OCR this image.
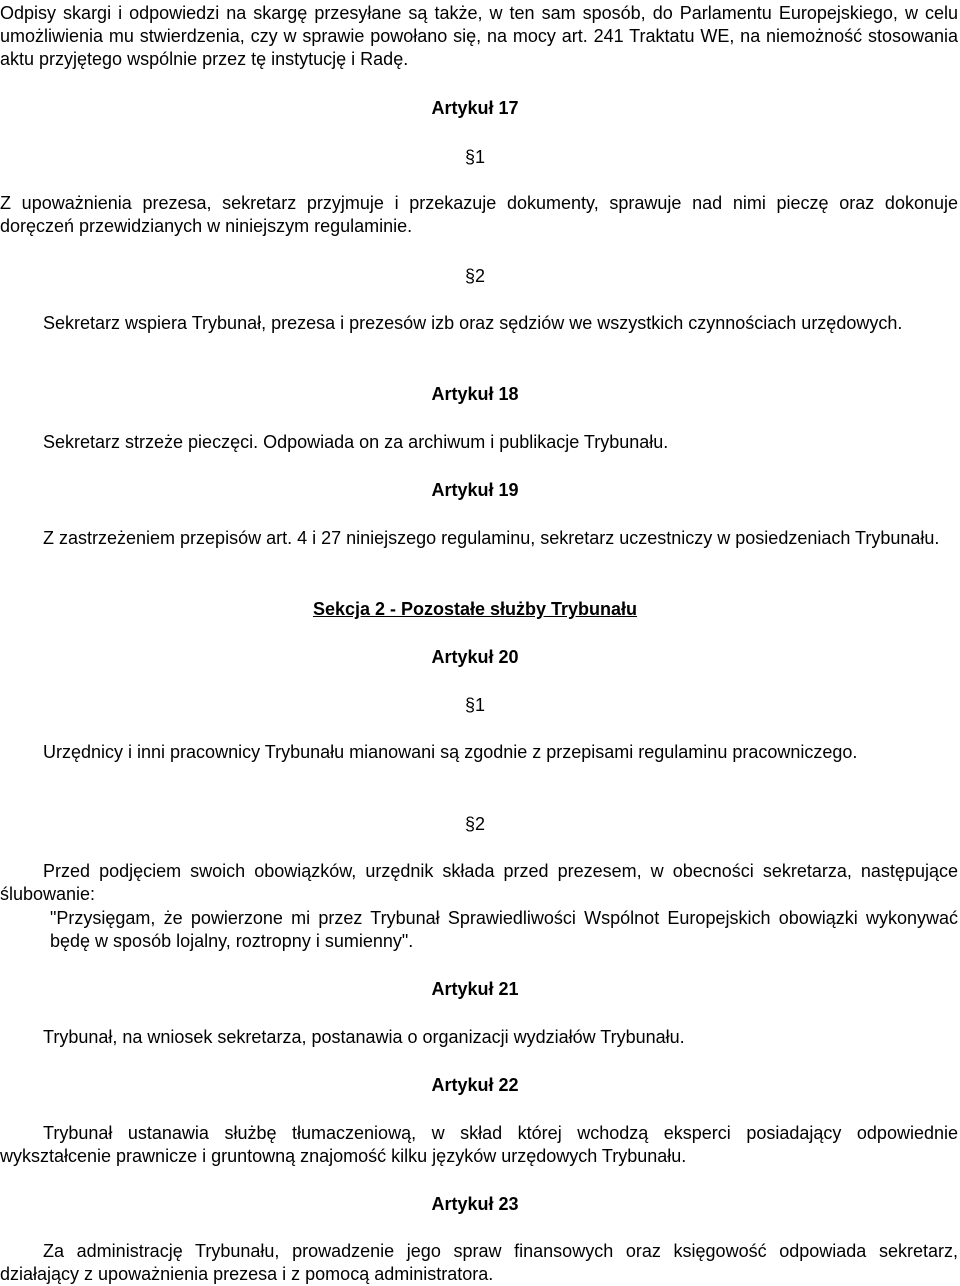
Odpisy skargi i odpowiedzi na skargę przesyłane są także, w ten sam sposób, do Parlamentu Europejskiego, w celu umożliwienia mu stwierdzenia, czy w sprawie powołano się, na mocy art. 241 Traktatu WE, na niemożność stosowania aktu przyjętego wspólnie przez tę instytucję i Radę.

Artykuł 17
§1

Z upoważnienia prezesa, sekretarz przyjmuje i przekazuje dokumenty, sprawuje nad nimi pieczę oraz dokonuje doręczeń przewidzianych w niniejszym regulaminie.

§2

Sekretarz wspiera Trybunał, prezesa i prezesów izb oraz sędziów we wszystkich czynnościach urzędowych.

Artykuł 18

Sekretarz strzeże pieczęci. Odpowiada on za archiwum i publikacje Trybunału.

Artykuł 19

Z zastrzeżeniem przepisów art. 4 i 27 niniejszego regulaminu, sekretarz uczestniczy w posiedzeniach Trybunału.

Sekcja 2 - Pozostałe służby Trybunału
Artykuł 20
§1

Urzędnicy i inni pracownicy Trybunału mianowani są zgodnie z przepisami regulaminu pracowniczego.

§2

Przed podjęciem swoich obowiązków, urzędnik składa przed prezesem, w obecności sekretarza, następujące ślubowanie:

"Przysięgam, że powierzone mi przez Trybunał Sprawiedliwości Wspólnot Europejskich obowiązki wykonywać będę w sposób lojalny, roztropny i sumienny".

Artykuł 21

Trybunał, na wniosek sekretarza, postanawia o organizacji wydziałów Trybunału.

Artykuł 22

Trybunał ustanawia służbę tłumaczeniową, w skład której wchodzą eksperci posiadający odpowiednie wykształcenie prawnicze i gruntowną znajomość kilku języków urzędowych Trybunału.

Artykuł 23

Za administrację Trybunału, prowadzenie jego spraw finansowych oraz księgowość odpowiada sekretarz, działający z upoważnienia prezesa i z pomocą administratora.
